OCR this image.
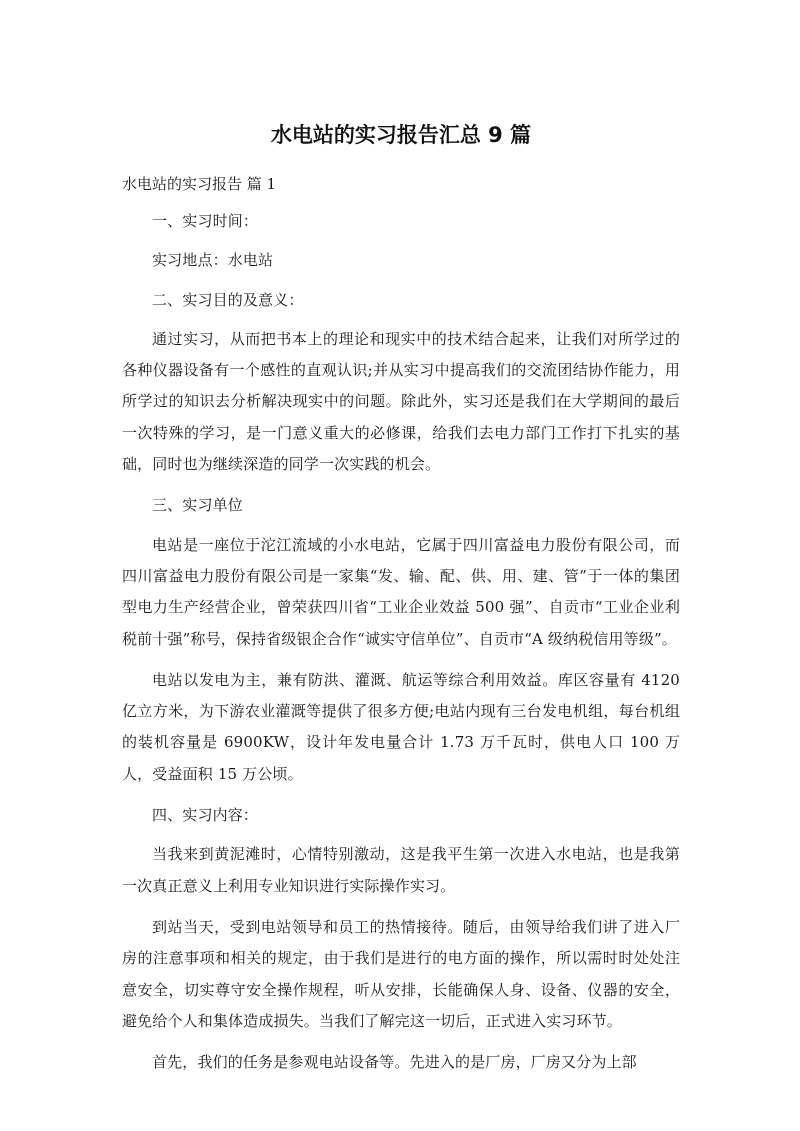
水电站的实习报告汇总 9 篇
水电站的实习报告 篇 1

一、实习时间：

实习地点：水电站

二、实习目的及意义：

通过实习，从而把书本上的理论和现实中的技术结合起来，让我们对所学过的各种仪器设备有一个感性的直观认识;并从实习中提高我们的交流团结协作能力，用所学过的知识去分析解决现实中的问题。除此外，实习还是我们在大学期间的最后一次特殊的学习，是一门意义重大的必修课，给我们去电力部门工作打下扎实的基础，同时也为继续深造的同学一次实践的机会。

三、实习单位

电站是一座位于沱江流域的小水电站，它属于四川富益电力股份有限公司，而四川富益电力股份有限公司是一家集“发、输、配、供、用、建、管”于一体的集团型电力生产经营企业，曾荣获四川省“工业企业效益 500 强”、自贡市“工业企业利税前十强”称号，保持省级银企合作“诚实守信单位”、自贡市“A 级纳税信用等级”。

电站以发电为主，兼有防洪、灌溉、航运等综合利用效益。库区容量有 4120 亿立方米，为下游农业灌溉等提供了很多方便;电站内现有三台发电机组，每台机组的装机容量是 6900KW，设计年发电量合计 1.73 万千瓦时，供电人口 100 万人，受益面积 15 万公顷。

四、实习内容：

当我来到黄泥滩时，心情特别激动，这是我平生第一次进入水电站，也是我第一次真正意义上利用专业知识进行实际操作实习。

到站当天，受到电站领导和员工的热情接待。随后，由领导给我们讲了进入厂房的注意事项和相关的规定，由于我们是进行的电方面的操作，所以需时时处处注意安全，切实尊守安全操作规程，听从安排，长能确保人身、设备、仪器的安全，避免给个人和集体造成损失。当我们了解完这一切后，正式进入实习环节。

首先，我们的任务是参观电站设备等。先进入的是厂房，厂房又分为上部
